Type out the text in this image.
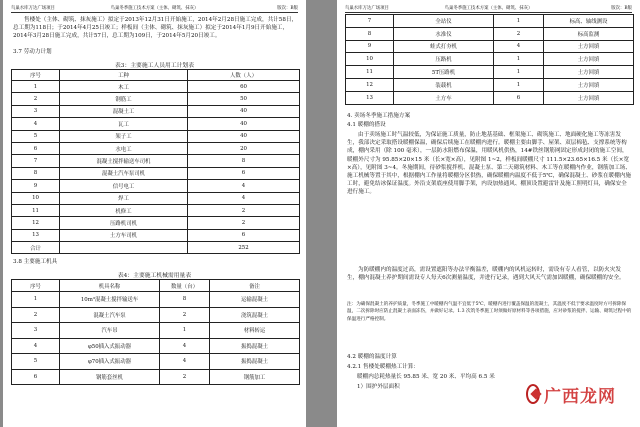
鸟巢水库万达广场项目	鸟巢冬季施工技术方案（主体、砌筑、抹灰）	版次：B版
售楼处（主体、砌筑、抹灰施工）拟定于2013年12月31日开始施工，2014年2月28日施工完成，共计58日，总工期为118日；于2014年4月25日竣工；样板间（主体、砌筑、抹灰施工）拟定于2014年1月9日开始施工，2014年3月28日施工完成，共计57日，总工期为109日，于2014年5月20日竣工。
3.7 劳动力计划
表3：主要施工人员用工计划表
序号	工种	人数（人）
1	木工	60
2	钢筋工	50
3	混凝土工	40
4	瓦工	40
5	架子工	40
6	水电工	20
7	混凝土搅拌输送车司机	8
8	混凝土汽车泵司机	6
9	信号电工	4
10	焊工	4
11	机修工	2
12	压路机司机	2
13	土方车司机	6
合计		252
3.8 主要施工机具
表4：主要施工机械需用量表
序号	机具名称	数量（台）	备注
1	10m³混凝土搅拌输送车	8	运输混凝土
2	混凝土汽车泵	2	浇筑混凝土
3	汽车吊	1	材料转运
4	φ50插入式振动器	4	振捣混凝土
5	φ70插入式振动器	4	振捣混凝土
6	钢筋套丝机	2	钢筋加工
鸟巢水库万达广场项目	鸟巢冬季施工技术方案（主体、砌筑、抹灰）	版次：B版
7	全站仪	1	标高、轴线测设
8	水准仪	2	标高监测
9	蛙式打夯机	4	土方回填
10	压路机	1	土方回填
11	5T压路机	1	土方回填
12	装载机	1	土方回填
13	土方车	6	土方回填
4. 卖场冬季施工措施方案
4.1 暖棚的搭设
由于卖场施工时气温较低，为保证施工质量，防止地基基础、框架施工、砌筑施工、地面硬化施工等冻害发生，我部决定采取搭设暖棚保温，确保后续施工在暖棚内进行。暖棚主要由脚手、屋架、双层棉毡、支撑系统等构成，棚内采用（除 100 毫米），一层防水阻燃布保温，用暖风机供热，14#铁丝钢筋网固定形成封闭的施工空间，暖棚外尺寸为 95.85×20×15 米（长×宽×高），见附图 1~2，样板间暖棚尺寸 111.5×23.65×16.5 米（长×宽×高），见附图 3~4。冬施期间，待砂浆搅拌机、混凝土泵、第二天砌筑材料、木工等在暖棚内作业，钢筋加工场、施工机械等置于其中，根据棚内工作量将暖棚分区供热，确保暖棚内温度不低于5℃，确保混凝土、砂浆在暖棚内施工时，避免结冰保证温度。外沿支架底座使用脚手架，内设加热通风、棚顶设置避雷针及施工照明灯具，确保安全进行施工。
为防暖棚内的温度过高，需设置遮阳等办法平衡温差，暖棚内的风机运转时，需设有专人看管，以防火灾发生，棚内混凝土养护期间需设专人每天6次测量温度，并进行记录，遇到大风天气需加固暖棚，确保暖棚的安全。
注：为确保混凝土的养护质量，冬季施工中暖棚内气温不宜低于5℃，暖棚内进行覆盖保温的混凝土，其温度不低于要求温度时方可拆除保温，二次拆除时应防止混凝土表面冻伤，并做好记录。1.3 次筑冬季施工时须做好原材料等各项措施，应对砂浆的搅拌、运输、砌筑过程中的保温进行严格控制。
4.2 暖棚的温度计算
4.2.1 售楼处暖棚热工计算：
暖棚内总耗热量长 95.85 米、宽 20 米、平均高 6.5 米
1）围护外层面积	广西龙网
